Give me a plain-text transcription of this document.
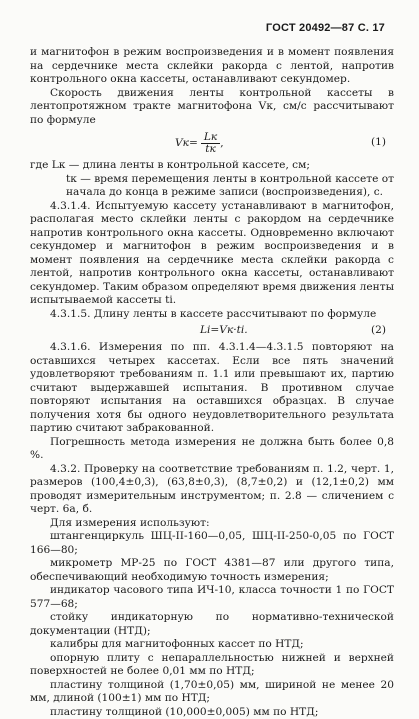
ГОСТ 20492—87 С. 17

и магнитофон в режим воспроизведения и в момент появления на сердечнике места склейки ракорда с лентой, напротив контрольного окна кассеты, останавливают секундомер.

Скорость движения ленты контрольной кассеты в лентопротяжном тракте магнитофона Vк, см/с рассчитывают по формуле

$Vк= \frac{Lк}{tк}$ ,	(1)

где Lк — длина ленты в контрольной кассете, см;

tк — время перемещения ленты в контрольной кассете от начала до конца в режиме записи (воспроизведения), с.

4.3.1.4. Испытуемую кассету устанавливают в магнитофон, располагая место склейки ленты с ракордом на сердечнике напротив контрольного окна кассеты. Одновременно включают секундомер и магнитофон в режим воспроизведения и в момент появления на сердечнике места склейки ракорда с лентой, напротив контрольного окна кассеты, останавливают секундомер. Таким образом определяют время движения ленты испытываемой кассеты ti.

4.3.1.5. Длину ленты в кассете рассчитывают по формуле

Li=Vк·ti.	(2)

4.3.1.6. Измерения по пп. 4.3.1.4—4.3.1.5 повторяют на оставшихся четырех кассетах. Если все пять значений удовлетворяют требованиям п. 1.1 или превышают их, партию считают выдержавшей испытания. В противном случае повторяют испытания на оставшихся образцах. В случае получения хотя бы одного неудовлетворительного результата партию считают забракованной.

Погрешность метода измерения не должна быть более 0,8 %.

4.3.2. Проверку на соответствие требованиям п. 1.2, черт. 1, размеров (100,4±0,3), (63,8±0,3), (8,7±0,2) и (12,1±0,2) мм проводят измерительным инструментом; п. 2.8 — сличением с черт. 6а, б.

Для измерения используют:

штангенциркуль ШЦ-II-160—0,05, ШЦ-II-250-0,05 по ГОСТ 166—80;

микрометр МР-25 по ГОСТ 4381—87 или другого типа, обеспечивающий необходимую точность измерения;

индикатор часового типа ИЧ-10, класса точности 1 по ГОСТ 577—68;

стойку индикаторную по нормативно-технической документации (НТД);

калибры для магнитофонных кассет по НТД;

опорную плиту с непараллельностью нижней и верхней поверхностей не более 0,01 мм по НТД;

пластину толщиной (1,70±0,05) мм, шириной не менее 20 мм, длиной (100±1) мм по НТД;

пластину толщиной (10,000±0,005) мм по НТД;
